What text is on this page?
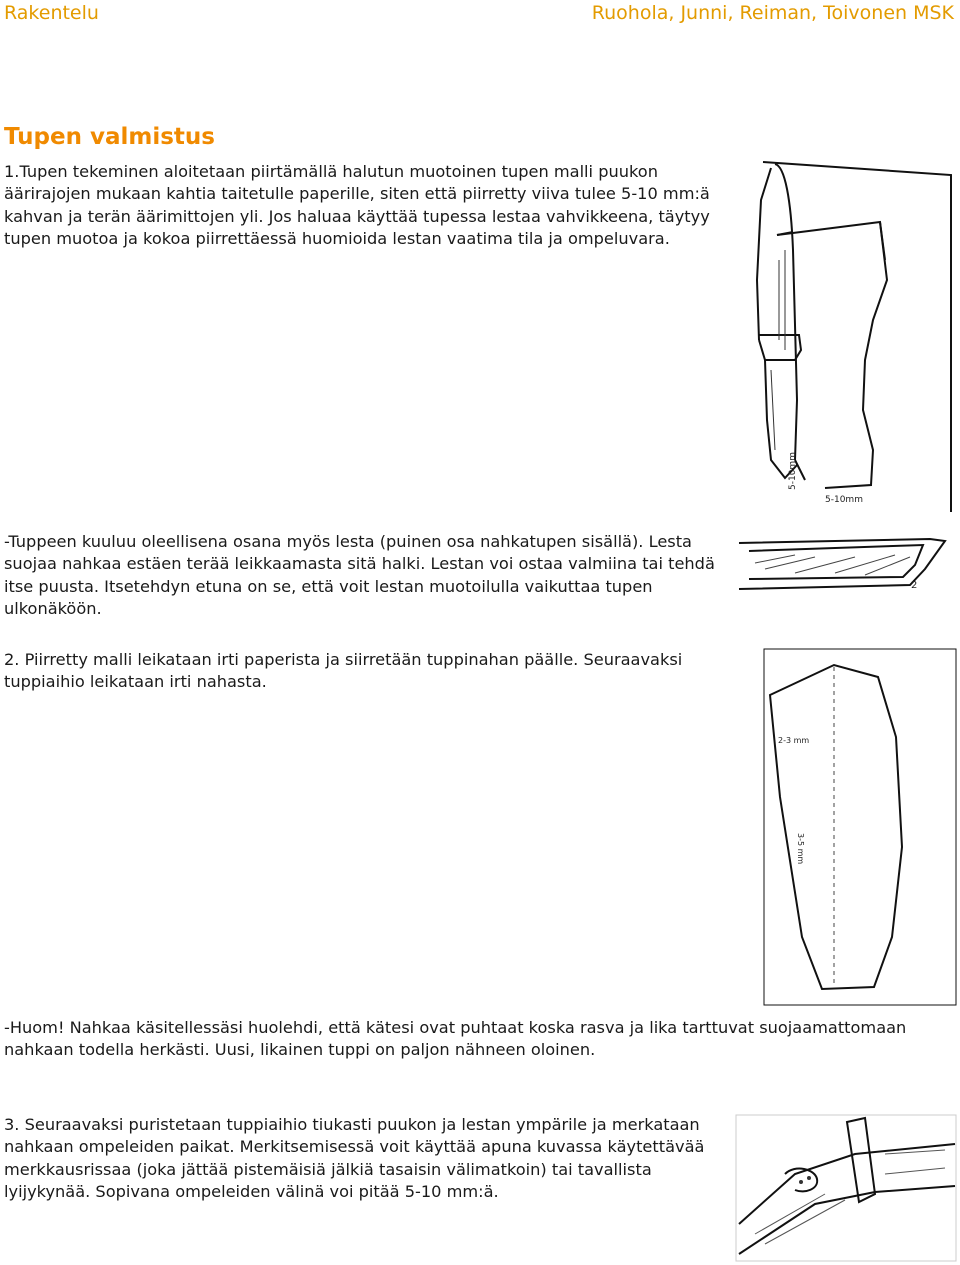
Rakentelu	Ruohola, Junni, Reiman, Toivonen MSK
Tupen valmistus

1.Tupen tekeminen aloitetaan piirtämällä halutun muotoinen tupen malli puukon äärirajojen mukaan kahtia taitetulle paperille, siten että piirretty viiva tulee 5-10 mm:ä kahvan ja terän äärimittojen yli. Jos haluaa käyttää tupessa lestaa vahvikkeena, täytyy tupen muotoa ja kokoa piirrettäessä huomioida lestan vaatima tila ja ompeluvara.

-Tuppeen kuuluu oleellisena osana myös lesta (puinen osa nahkatupen sisällä). Lesta suojaa nahkaa estäen terää leikkaamasta sitä halki. Lestan voi ostaa valmiina tai tehdä itse puusta. Itsetehdyn etuna on se, että voit lestan muotoilulla vaikuttaa tupen ulkonäköön.

2. Piirretty malli leikataan irti paperista ja siirretään tuppinahan päälle. Seuraavaksi tuppiaihio leikataan irti nahasta.

-Huom! Nahkaa käsitellessäsi huolehdi, että kätesi ovat puhtaat koska rasva ja lika tarttuvat suojaamattomaan nahkaan todella herkästi. Uusi, likainen tuppi on paljon nähneen oloinen.

3. Seuraavaksi puristetaan tuppiaihio tiukasti puukon ja lestan ympärile ja merkataan nahkaan ompeleiden paikat. Merkitsemisessä voit käyttää apuna kuvassa käytettävää merkkausrissaa (joka jättää pistemäisiä jälkiä tasaisin välimatkoin) tai tavallista lyijykynää. Sopivana ompeleiden välinä voi pitää 5-10 mm:ä.

5-10mm
5-10mm
2
2-3 mm
3-5 mm
